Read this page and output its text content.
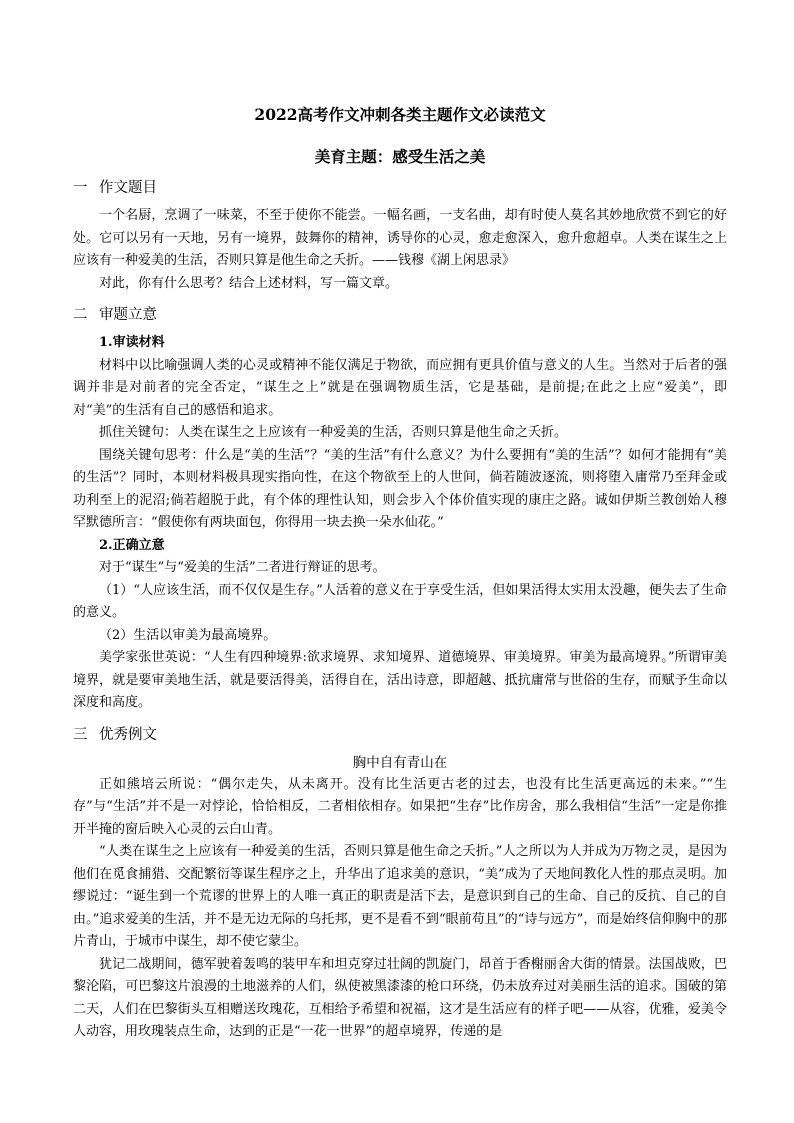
2022高考作文冲刺各类主题作文必读范文
美育主题：感受生活之美
一 作文题目

一个名厨，烹调了一味菜，不至于使你不能尝。一幅名画，一支名曲，却有时使人莫名其妙地欣赏不到它的好处。它可以另有一天地，另有一境界，鼓舞你的精神，诱导你的心灵，愈走愈深入，愈升愈超卓。人类在谋生之上应该有一种爱美的生活，否则只算是他生命之夭折。——钱穆《湖上闲思录》

对此，你有什么思考？结合上述材料，写一篇文章。

二 审题立意

1.审读材料

材料中以比喻强调人类的心灵或精神不能仅满足于物欲，而应拥有更具价值与意义的人生。当然对于后者的强调并非是对前者的完全否定，“谋生之上”就是在强调物质生活，它是基础，是前提;在此之上应“爱美”，即对“美”的生活有自己的感悟和追求。

抓住关键句：人类在谋生之上应该有一种爱美的生活，否则只算是他生命之夭折。

围绕关键句思考：什么是“美的生活”？“美的生活”有什么意义？为什么要拥有“美的生活”？如何才能拥有“美的生活”？同时，本则材料极具现实指向性，在这个物欲至上的人世间，倘若随波逐流，则将堕入庸常乃至拜金或功利至上的泥沼;倘若超脱于此，有个体的理性认知，则会步入个体价值实现的康庄之路。诚如伊斯兰教创始人穆罕默德所言：“假使你有两块面包，你得用一块去换一朵水仙花。”

2.正确立意

对于“谋生”与“爱美的生活”二者进行辩证的思考。

（1）“人应该生活，而不仅仅是生存。”人活着的意义在于享受生活，但如果活得太实用太没趣，便失去了生命的意义。

（2）生活以审美为最高境界。

美学家张世英说：“人生有四种境界:欲求境界、求知境界、道德境界、审美境界。审美为最高境界。”所谓审美境界，就是要审美地生活，就是要活得美，活得自在，活出诗意，即超越、抵抗庸常与世俗的生存，而赋予生命以深度和高度。

三 优秀例文
胸中自有青山在

正如熊培云所说：“偶尔走失，从未离开。没有比生活更古老的过去，也没有比生活更高远的未来。”“生存”与“生活”并不是一对悖论，恰恰相反，二者相依相存。如果把“生存”比作房舍，那么我相信“生活”一定是你推开半掩的窗后映入心灵的云白山青。

“人类在谋生之上应该有一种爱美的生活，否则只算是他生命之夭折。”人之所以为人并成为万物之灵，是因为他们在觅食捕猎、交配繁衍等谋生程序之上，升华出了追求美的意识，“美”成为了天地间教化人性的那点灵明。加缪说过：“诞生到一个荒谬的世界上的人唯一真正的职责是活下去，是意识到自己的生命、自己的反抗、自己的自由。”追求爱美的生活，并不是无边无际的乌托邦，更不是看不到“眼前苟且”的“诗与远方”，而是始终信仰胸中的那片青山，于城市中谋生，却不使它蒙尘。

犹记二战期间，德军驶着轰鸣的装甲车和坦克穿过壮阔的凯旋门，昂首于香榭丽舍大街的情景。法国战败，巴黎沦陷，可巴黎这片浪漫的土地滋养的人们，纵使被黑漆漆的枪口环绕，仍未放弃过对美丽生活的追求。国破的第二天，人们在巴黎街头互相赠送玫瑰花，互相给予希望和祝福，这才是生活应有的样子吧——从容，优雅，爱美令人动容，用玫瑰装点生命，达到的正是“一花一世界”的超卓境界，传递的是
